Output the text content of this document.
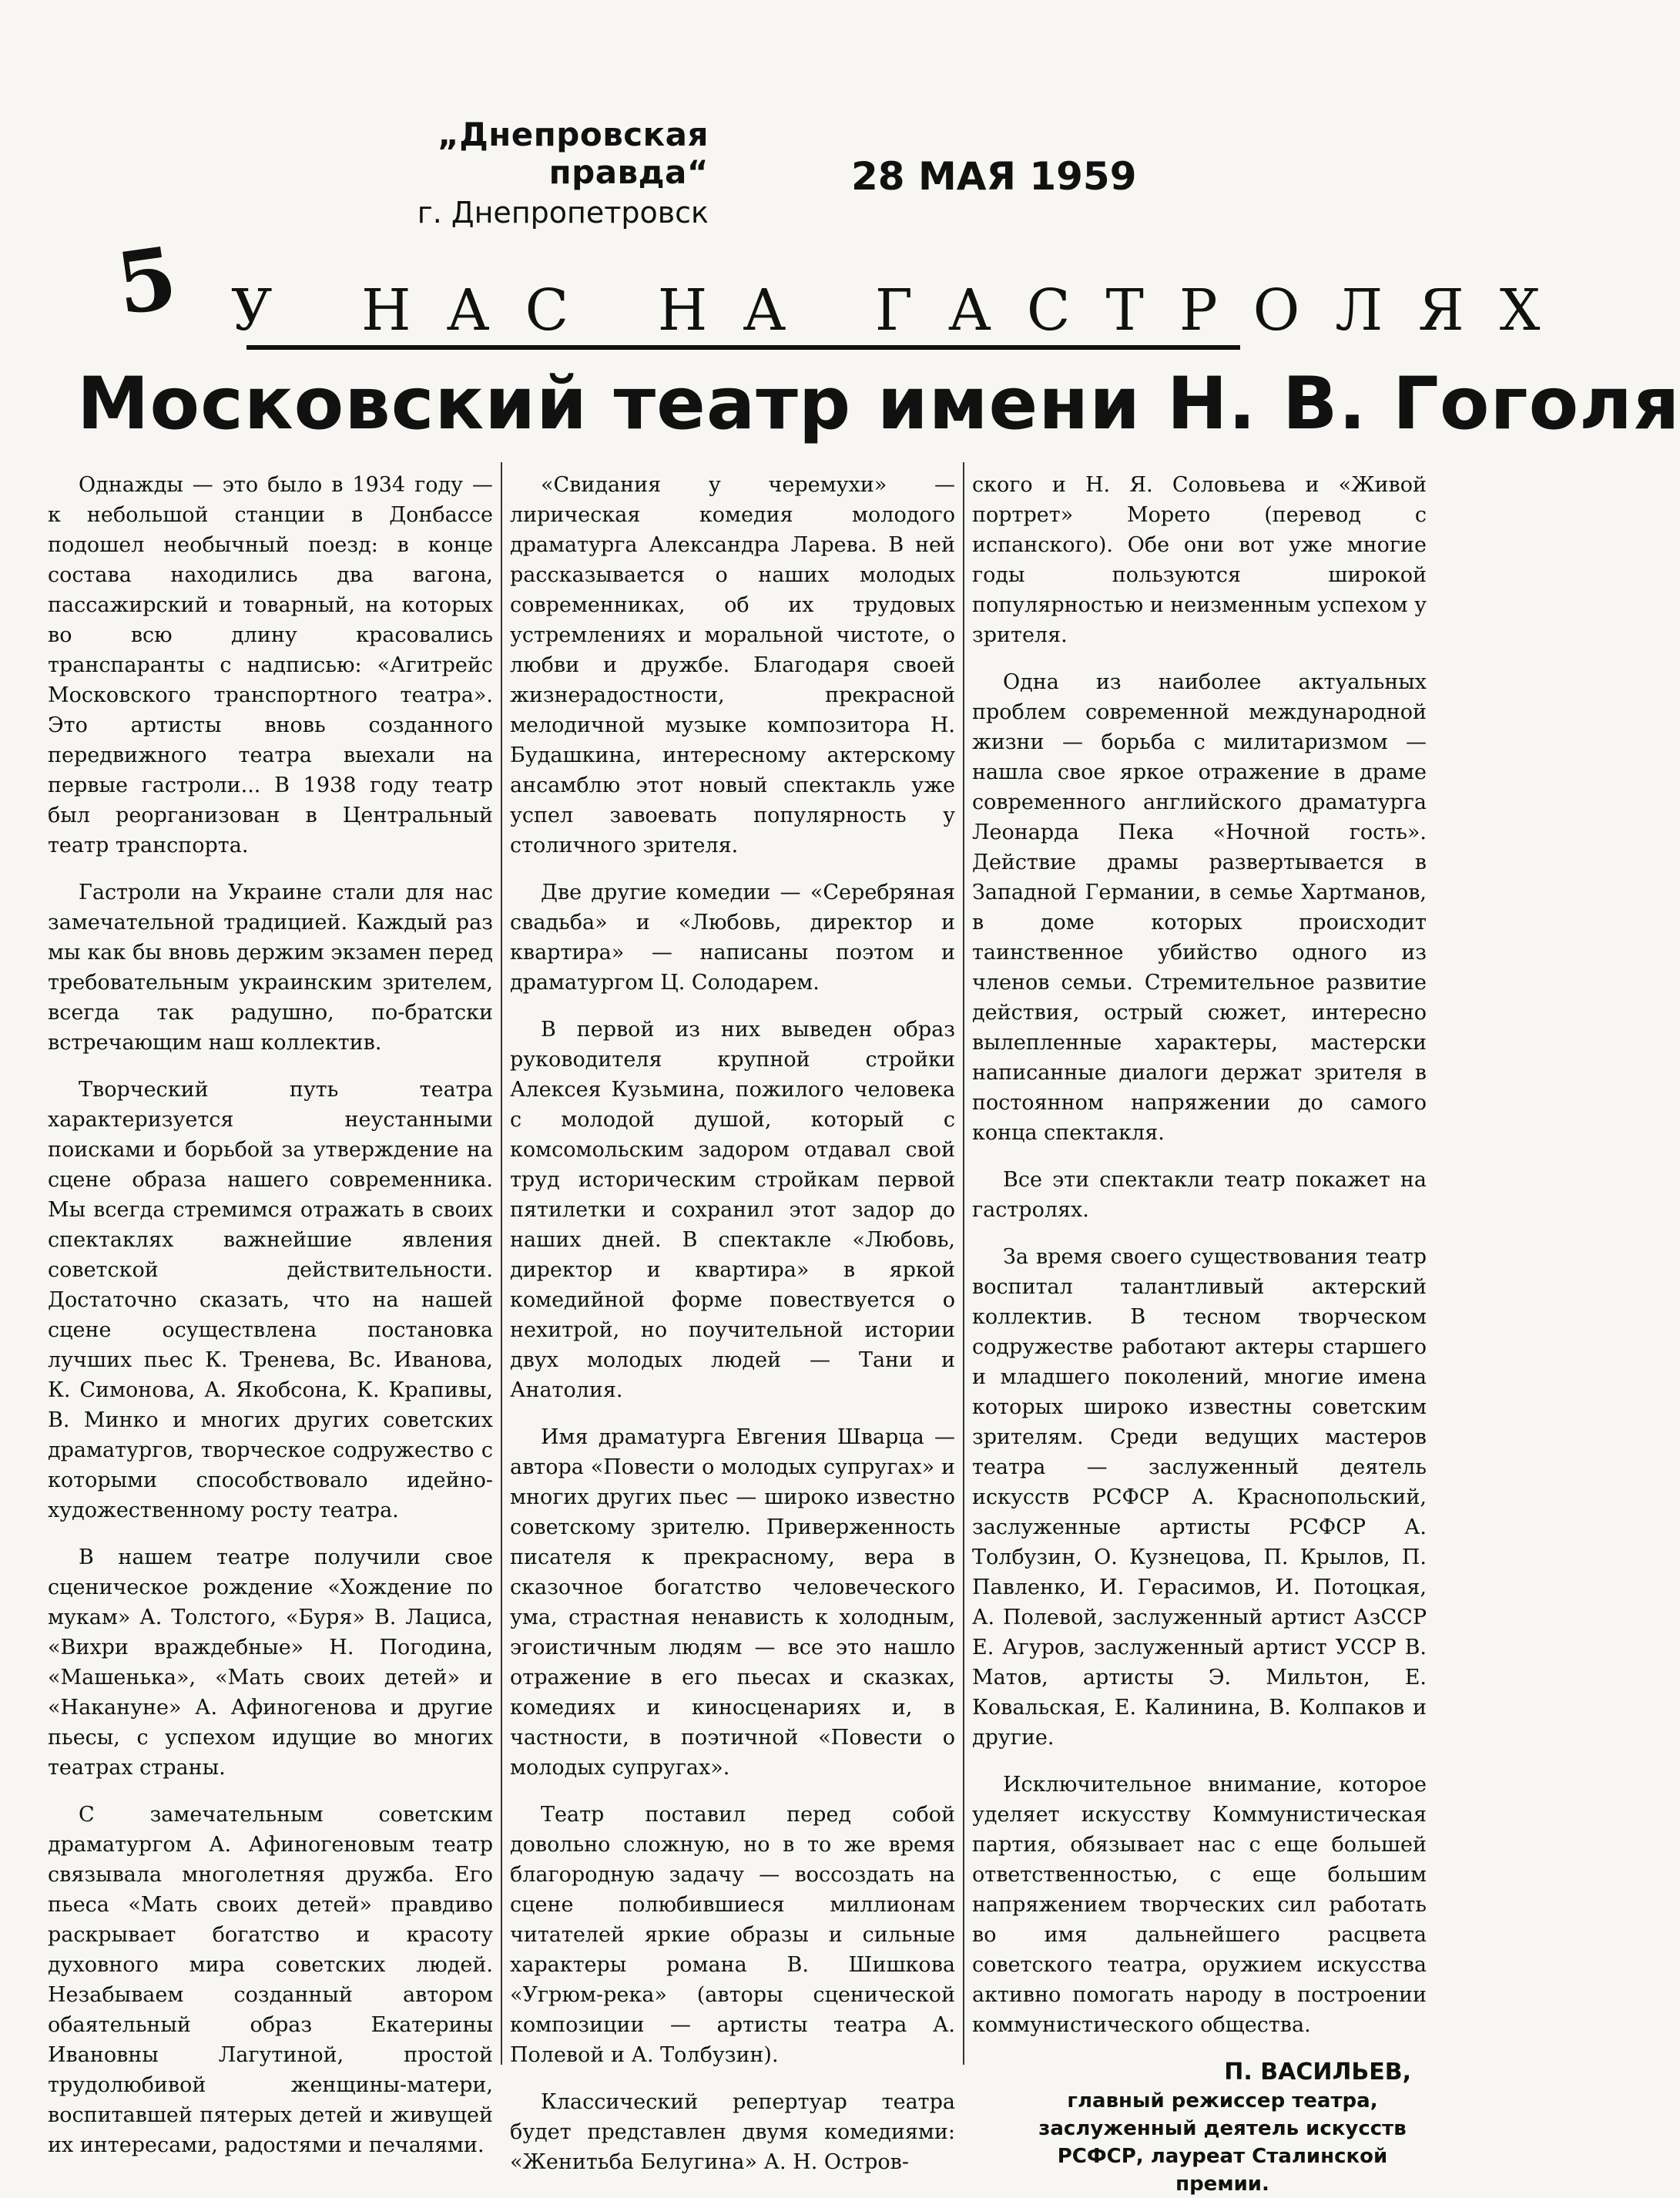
„Днепровская правда“
г. Днепропетровск
28 МАЯ 1959
5 У НАС НА ГАСТРОЛЯХ
Московский театр имени Н. В. Гоголя

Однажды — это было в 1934 году — к небольшой станции в Донбассе подошел необычный поезд: в конце состава находились два вагона, пассажирский и товарный, на которых во всю длину красовались транспаранты с надписью: «Агитрейс Московского транспортного театра». Это артисты вновь созданного передвижного театра выехали на первые гастроли... В 1938 году театр был реорганизован в Центральный театр транспорта.

Гастроли на Украине стали для нас замечательной традицией. Каждый раз мы как бы вновь держим экзамен перед требовательным украинским зрителем, всегда так радушно, по-братски встречающим наш коллектив.

Творческий путь театра характеризуется неустанными поисками и борьбой за утверждение на сцене образа нашего современника. Мы всегда стремимся отражать в своих спектаклях важнейшие явления советской действительности. Достаточно сказать, что на нашей сцене осуществлена постановка лучших пьес К. Тренева, Вс. Иванова, К. Симонова, А. Якобсона, К. Крапивы, В. Минко и многих других советских драматургов, творческое содружество с которыми способствовало идейно-художественному росту театра.

В нашем театре получили свое сценическое рождение «Хождение по мукам» А. Толстого, «Буря» В. Лациса, «Вихри враждебные» Н. Погодина, «Машенька», «Мать своих детей» и «Накануне» А. Афиногенова и другие пьесы, с успехом идущие во многих театрах страны.

С замечательным советским драматургом А. Афиногеновым театр связывала многолетняя дружба. Его пьеса «Мать своих детей» правдиво раскрывает богатство и красоту духовного мира советских людей. Незабываем созданный автором обаятельный образ Екатерины Ивановны Лагутиной, простой трудолюбивой женщины-матери, воспитавшей пятерых детей и живущей их интересами, радостями и печалями.

«Свидания у черемухи» — лирическая комедия молодого драматурга Александра Ларева. В ней рассказывается о наших молодых современниках, об их трудовых устремлениях и моральной чистоте, о любви и дружбе. Благодаря своей жизнерадостности, прекрасной мелодичной музыке композитора Н. Будашкина, интересному актерскому ансамблю этот новый спектакль уже успел завоевать популярность у столичного зрителя.

Две другие комедии — «Серебряная свадьба» и «Любовь, директор и квартира» — написаны поэтом и драматургом Ц. Солодарем.

В первой из них выведен образ руководителя крупной стройки Алексея Кузьмина, пожилого человека с молодой душой, который с комсомольским задором отдавал свой труд историческим стройкам первой пятилетки и сохранил этот задор до наших дней. В спектакле «Любовь, директор и квартира» в яркой комедийной форме повествуется о нехитрой, но поучительной истории двух молодых людей — Тани и Анатолия.

Имя драматурга Евгения Шварца — автора «Повести о молодых супругах» и многих других пьес — широко известно советскому зрителю. Приверженность писателя к прекрасному, вера в сказочное богатство человеческого ума, страстная ненависть к холодным, эгоистичным людям — все это нашло отражение в его пьесах и сказках, комедиях и киносценариях и, в частности, в поэтичной «Повести о молодых супругах».

Театр поставил перед собой довольно сложную, но в то же время благородную задачу — воссоздать на сцене полюбившиеся миллионам читателей яркие образы и сильные характеры романа В. Шишкова «Угрюм-река» (авторы сценической композиции — артисты театра А. Полевой и А. Толбузин).

Классический репертуар театра будет представлен двумя комедиями: «Женитьба Белугина» А. Н. Остров-

ского и Н. Я. Соловьева и «Живой портрет» Морето (перевод с испанского). Обе они вот уже многие годы пользуются широкой популярностью и неизменным успехом у зрителя.

Одна из наиболее актуальных проблем современной международной жизни — борьба с милитаризмом — нашла свое яркое отражение в драме современного английского драматурга Леонарда Пека «Ночной гость». Действие драмы развертывается в Западной Германии, в семье Хартманов, в доме которых происходит таинственное убийство одного из членов семьи. Стремительное развитие действия, острый сюжет, интересно вылепленные характеры, мастерски написанные диалоги держат зрителя в постоянном напряжении до самого конца спектакля.

Все эти спектакли театр покажет на гастролях.

За время своего существования театр воспитал талантливый актерский коллектив. В тесном творческом содружестве работают актеры старшего и младшего поколений, многие имена которых широко известны советским зрителям. Среди ведущих мастеров театра — заслуженный деятель искусств РСФСР А. Краснопольский, заслуженные артисты РСФСР А. Толбузин, О. Кузнецова, П. Крылов, П. Павленко, И. Герасимов, И. Потоцкая, А. Полевой, заслуженный артист АзССР Е. Агуров, заслуженный артист УССР В. Матов, артисты Э. Мильтон, Е. Ковальская, Е. Калинина, В. Колпаков и другие.

Исключительное внимание, которое уделяет искусству Коммунистическая партия, обязывает нас с еще большей ответственностью, с еще большим напряжением творческих сил работать во имя дальнейшего расцвета советского театра, оружием искусства активно помогать народу в построении коммунистического общества.

П. ВАСИЛЬЕВ,
главный режиссер театра, заслуженный деятель искусств РСФСР, лауреат Сталинской премии.
